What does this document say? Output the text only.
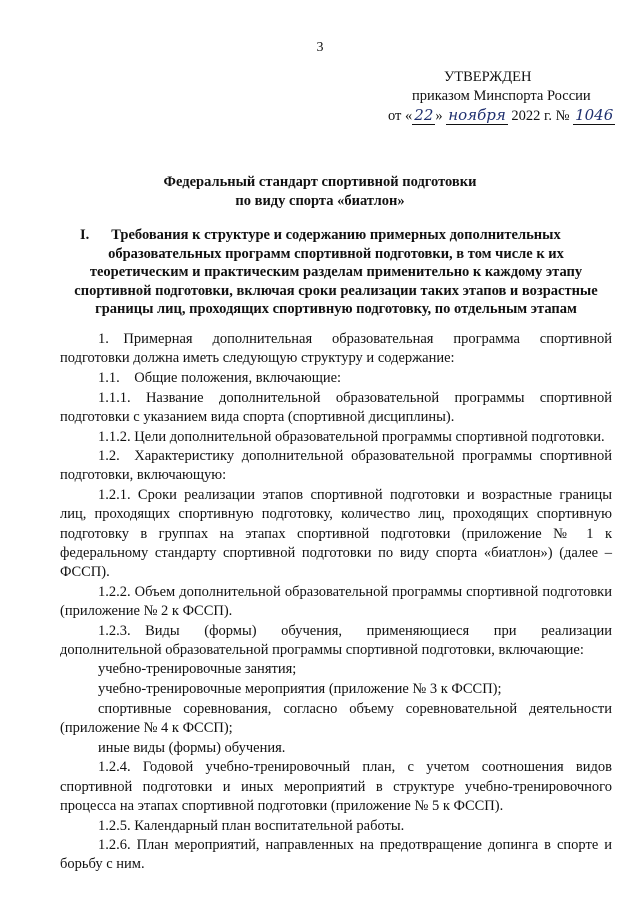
3
УТВЕРЖДЕН
приказом Минспорта России
от « 22 » ноября 2022 г. № 1046
Федеральный стандарт спортивной подготовки
по виду спорта «биатлон»
I.	Требования к структуре и содержанию примерных дополнительных образовательных программ спортивной подготовки, в том числе к их теоретическим и практическим разделам применительно к каждому этапу спортивной подготовки, включая сроки реализации таких этапов и возрастные границы лиц, проходящих спортивную подготовку, по отдельным этапам

1. Примерная дополнительная образовательная программа спортивной подготовки должна иметь следующую структуру и содержание:

1.1. Общие положения, включающие:

1.1.1. Название дополнительной образовательной программы спортивной подготовки с указанием вида спорта (спортивной дисциплины).

1.1.2. Цели дополнительной образовательной программы спортивной подготовки.

1.2. Характеристику дополнительной образовательной программы спортивной подготовки, включающую:

1.2.1. Сроки реализации этапов спортивной подготовки и возрастные границы лиц, проходящих спортивную подготовку, количество лиц, проходящих спортивную подготовку в группах на этапах спортивной подготовки (приложение № 1 к федеральному стандарту спортивной подготовки по виду спорта «биатлон») (далее – ФССП).

1.2.2. Объем дополнительной образовательной программы спортивной подготовки (приложение № 2 к ФССП).

1.2.3. Виды (формы) обучения, применяющиеся при реализации дополнительной образовательной программы спортивной подготовки, включающие:

учебно-тренировочные занятия;

учебно-тренировочные мероприятия (приложение № 3 к ФССП);

спортивные соревнования, согласно объему соревновательной деятельности (приложение № 4 к ФССП);

иные виды (формы) обучения.

1.2.4. Годовой учебно-тренировочный план, с учетом соотношения видов спортивной подготовки и иных мероприятий в структуре учебно-тренировочного процесса на этапах спортивной подготовки (приложение № 5 к ФССП).

1.2.5. Календарный план воспитательной работы.

1.2.6. План мероприятий, направленных на предотвращение допинга в спорте и борьбу с ним.
